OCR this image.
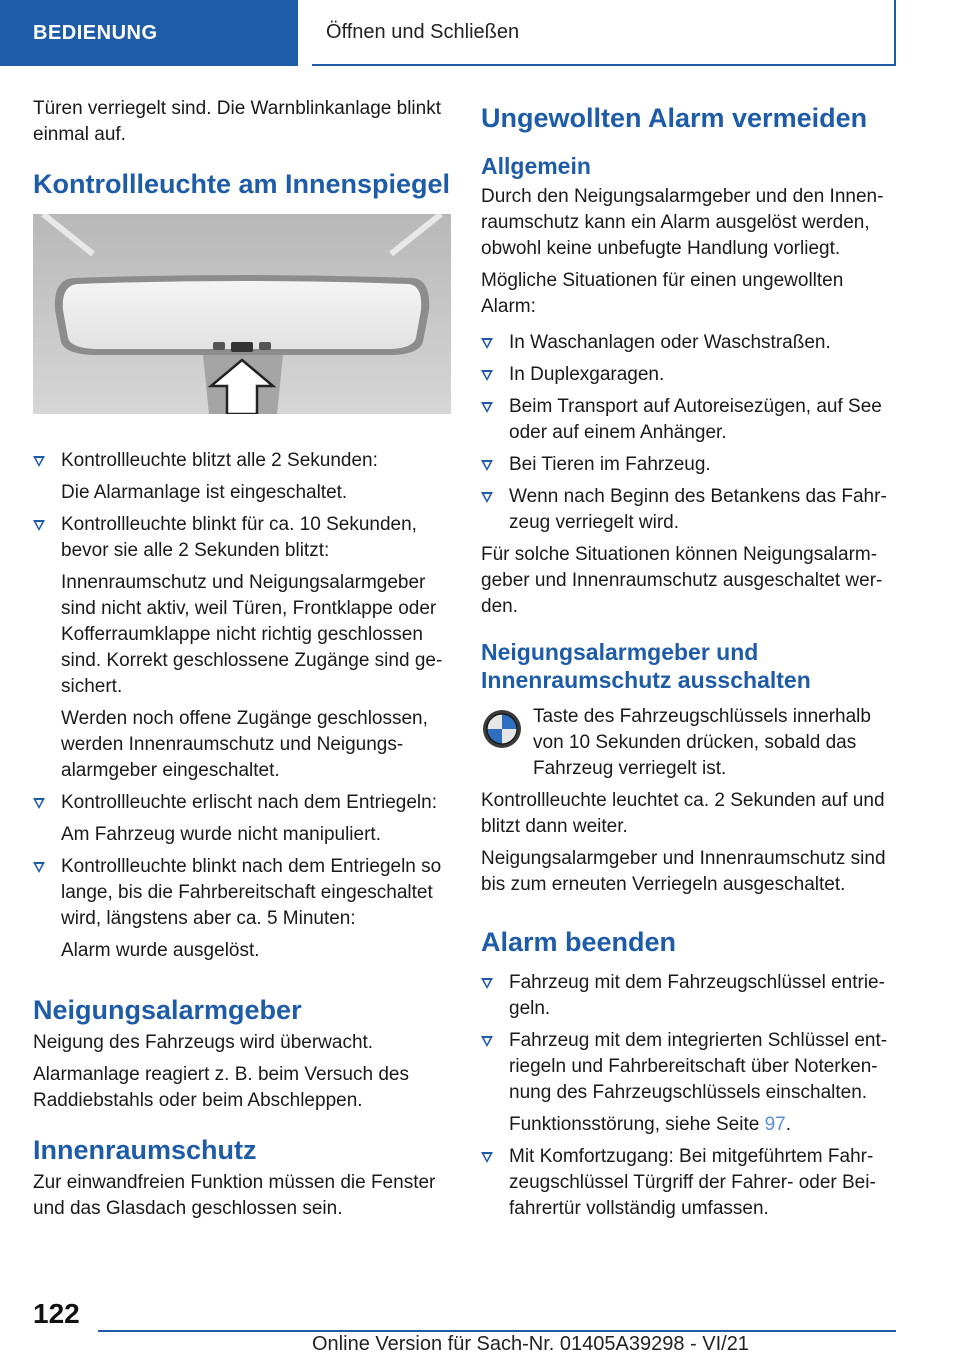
BEDIENUNG	Öffnen und Schließen

Türen verriegelt sind. Die Warnblinkanlage blinkt einmal auf.

Kontrollleuchte am Innenspiegel
Kontrollleuchte blitzt alle 2 Sekunden:
Die Alarmanlage ist eingeschaltet.
Kontrollleuchte blinkt für ca. 10 Sekunden, bevor sie alle 2 Sekunden blitzt:
Innenraumschutz und Neigungsalarmgeber sind nicht aktiv, weil Türen, Frontklappe oder Kofferraumklappe nicht richtig geschlossen sind. Korrekt geschlossene Zugänge sind ge‐sichert.
Werden noch offene Zugänge geschlossen, werden Innenraumschutz und Neigungs‐alarmgeber eingeschaltet.
Kontrollleuchte erlischt nach dem Entriegeln:
Am Fahrzeug wurde nicht manipuliert.
Kontrollleuchte blinkt nach dem Entriegeln so lange, bis die Fahrbereitschaft eingeschaltet wird, längstens aber ca. 5 Minuten:
Alarm wurde ausgelöst.
Neigungsalarmgeber

Neigung des Fahrzeugs wird überwacht.

Alarmanlage reagiert z. B. beim Versuch des Raddiebstahls oder beim Abschleppen.

Innenraumschutz

Zur einwandfreien Funktion müssen die Fenster und das Glasdach geschlossen sein.

Ungewollten Alarm vermeiden
Allgemein

Durch den Neigungsalarmgeber und den Innen‐raumschutz kann ein Alarm ausgelöst werden, obwohl keine unbefugte Handlung vorliegt.

Mögliche Situationen für einen ungewollten Alarm:

In Waschanlagen oder Waschstraßen.
In Duplexgaragen.
Beim Transport auf Autoreisezügen, auf See oder auf einem Anhänger.
Bei Tieren im Fahrzeug.
Wenn nach Beginn des Betankens das Fahr‐zeug verriegelt wird.

Für solche Situationen können Neigungsalarm‐geber und Innenraumschutz ausgeschaltet wer‐den.

Neigungsalarmgeber und Innenraumschutz ausschalten

Taste des Fahrzeugschlüssels innerhalb von 10 Sekunden drücken, sobald das Fahrzeug verriegelt ist.

Kontrollleuchte leuchtet ca. 2 Sekunden auf und blitzt dann weiter.

Neigungsalarmgeber und Innenraumschutz sind bis zum erneuten Verriegeln ausgeschaltet.

Alarm beenden
Fahrzeug mit dem Fahrzeugschlüssel entrie‐geln.
Fahrzeug mit dem integrierten Schlüssel ent‐riegeln und Fahrbereitschaft über Noterken‐nung des Fahrzeugschlüssels einschalten.
Funktionsstörung, siehe Seite 97.
Mit Komfortzugang: Bei mitgeführtem Fahr‐zeugschlüssel Türgriff der Fahrer- oder Bei‐fahrertür vollständig umfassen.
122
Online Version für Sach-Nr. 01405A39298 - VI/21
